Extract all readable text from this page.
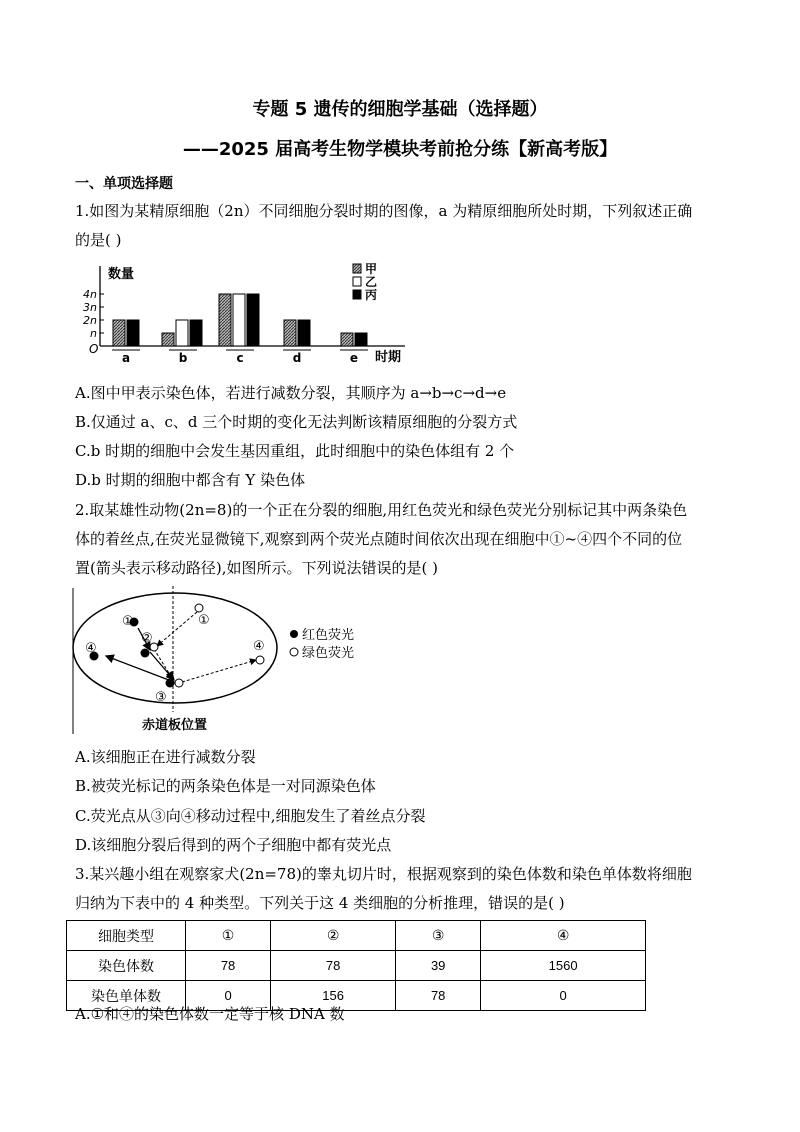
专题 5 遗传的细胞学基础（选择题）
——2025 届高考生物学模块考前抢分练【新高考版】
一、单项选择题
1.如图为某精原细胞（2n）不同细胞分裂时期的图像，a 为精原细胞所处时期，下列叙述正确
的是( )
O
数量
时期
n
2n
3n
4n
a	b	c	d	e
甲
乙
丙
A.图中甲表示染色体，若进行减数分裂，其顺序为 a→b→c→d→e
B.仅通过 a、c、d 三个时期的变化无法判断该精原细胞的分裂方式
C.b 时期的细胞中会发生基因重组，此时细胞中的染色体组有 2 个
D.b 时期的细胞中都含有 Y 染色体
2.取某雄性动物(2n=8)的一个正在分裂的细胞,用红色荧光和绿色荧光分别标记其中两条染色
体的着丝点,在荧光显微镜下,观察到两个荧光点随时间依次出现在细胞中①~④四个不同的位
置(箭头表示移动路径),如图所示。下列说法错误的是( )
①
②
③
④
①
④
红色荧光
绿色荧光
赤道板位置
A.该细胞正在进行减数分裂
B.被荧光标记的两条染色体是一对同源染色体
C.荧光点从③向④移动过程中,细胞发生了着丝点分裂
D.该细胞分裂后得到的两个子细胞中都有荧光点
3.某兴趣小组在观察家犬(2n=78)的睾丸切片时，根据观察到的染色体数和染色单体数将细胞
归纳为下表中的 4 种类型。下列关于这 4 类细胞的分析推理，错误的是( )
细胞类型	①	②	③	④
染色体数	78	78	39	1560
染色单体数	0	156	78	0
A.①和④的染色体数一定等于核 DNA 数
